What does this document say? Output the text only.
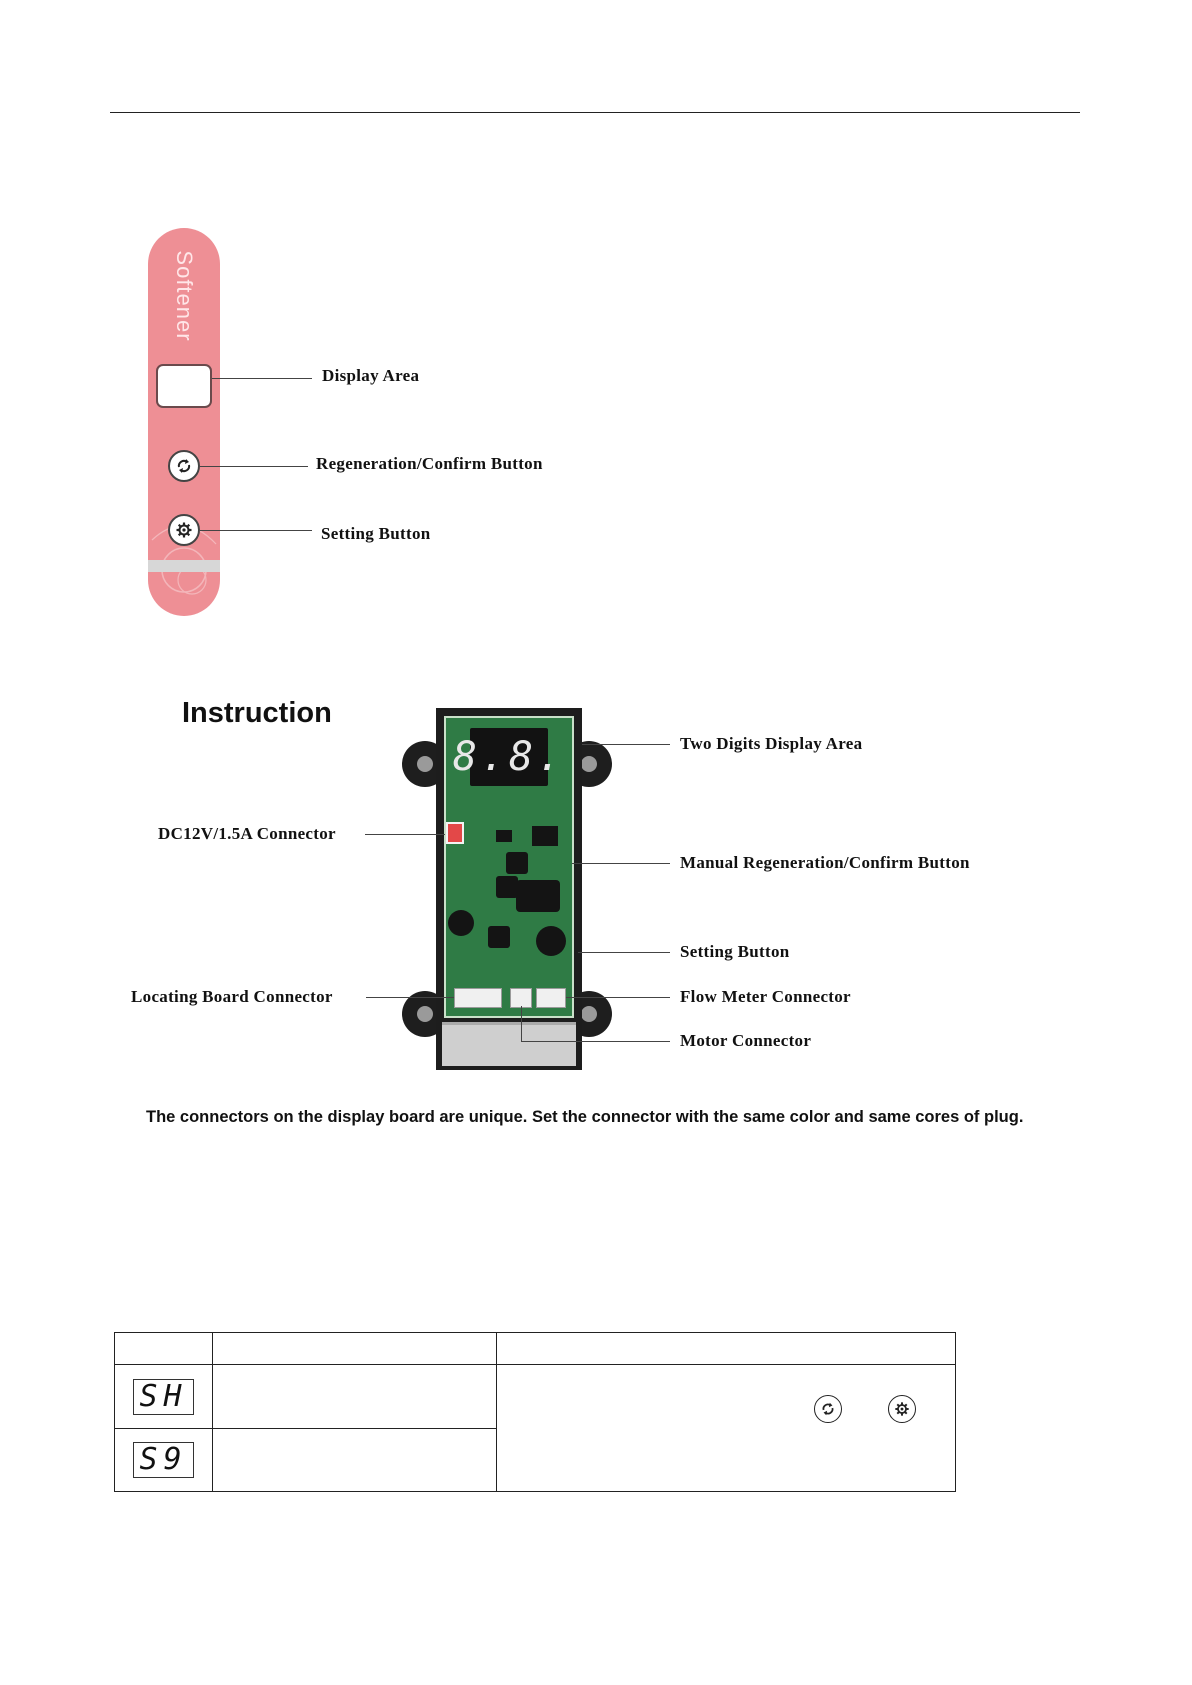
Softener
Display Area
Regeneration/Confirm Button
Setting Button
Instruction
8.8.	Two Digits Display Area
DC12V/1.5A Connector
Manual Regeneration/Confirm Button
Setting Button
Locating Board Connector	Flow Meter Connector
Motor Connector
The connectors on the display board are unique. Set the connector with the same color and same cores of plug.

SH		

S9		
